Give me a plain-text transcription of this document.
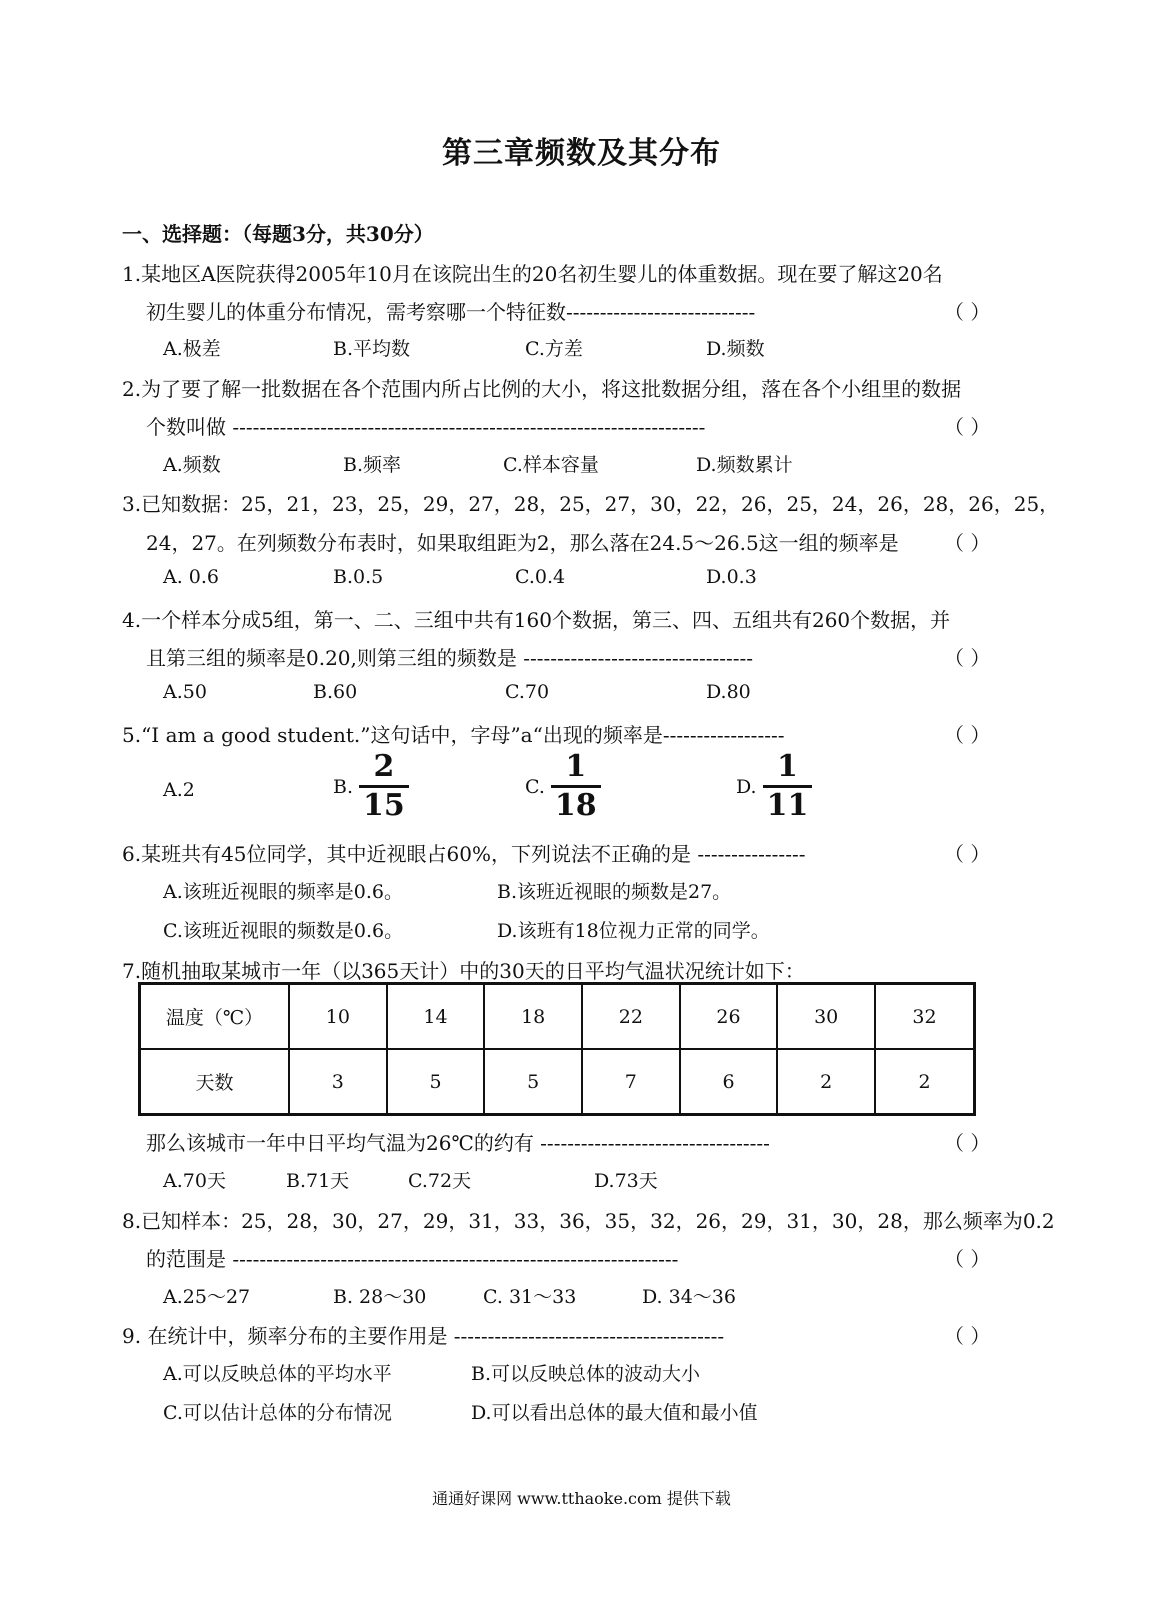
第三章频数及其分布
一、选择题：（每题3分，共30分）
1.某地区A医院获得2005年10月在该院出生的20名初生婴儿的体重数据。现在要了解这20名
初生婴儿的体重分布情况，需考察哪一个特征数----------------------------	（ ）
A.极差	B.平均数	C.方差	D.频数
2.为了要了解一批数据在各个范围内所占比例的大小，将这批数据分组，落在各个小组里的数据
个数叫做 ----------------------------------------------------------------------	（ ）
A.频数	B.频率	C.样本容量	D.频数累计
3.已知数据：25，21，23，25，29，27，28，25，27，30，22，26，25，24，26，28，26，25，
24，27。在列频数分布表时，如果取组距为2，那么落在24.5～26.5这一组的频率是 （ ）
A. 0.6	B.0.5	C.0.4	D.0.3
4.一个样本分成5组，第一、二、三组中共有160个数据，第三、四、五组共有260个数据，并
且第三组的频率是0.20,则第三组的频数是 ----------------------------------	（ ）
A.50	B.60	C.70	D.80
5.“I am a good student.”这句话中，字母”a“出现的频率是------------------	（ ）
A.2	B. $\frac{2}{15}$	C. $\frac{1}{18}$	D. $\frac{1}{11}$
6.某班共有45位同学，其中近视眼占60%，下列说法不正确的是 ----------------	（ ）
A.该班近视眼的频率是0.6。	B.该班近视眼的频数是27。
C.该班近视眼的频数是0.6。	D.该班有18位视力正常的同学。
7.随机抽取某城市一年（以365天计）中的30天的日平均气温状况统计如下：
温度（℃）	10	14	18	22	26	30	32
天数	3	5	5	7	6	2	2
那么该城市一年中日平均气温为26℃的约有 ----------------------------------	（ ）
A.70天	B.71天	C.72天	D.73天
8.已知样本：25，28，30，27，29，31，33，36，35，32，26，29，31，30，28，那么频率为0.2
的范围是 ------------------------------------------------------------------	（ ）
A.25～27	B. 28～30	C. 31～33	D. 34～36
9. 在统计中，频率分布的主要作用是 ----------------------------------------	（ ）
A.可以反映总体的平均水平	B.可以反映总体的波动大小
C.可以估计总体的分布情况	D.可以看出总体的最大值和最小值
通通好课网 www.tthaoke.com 提供下载
